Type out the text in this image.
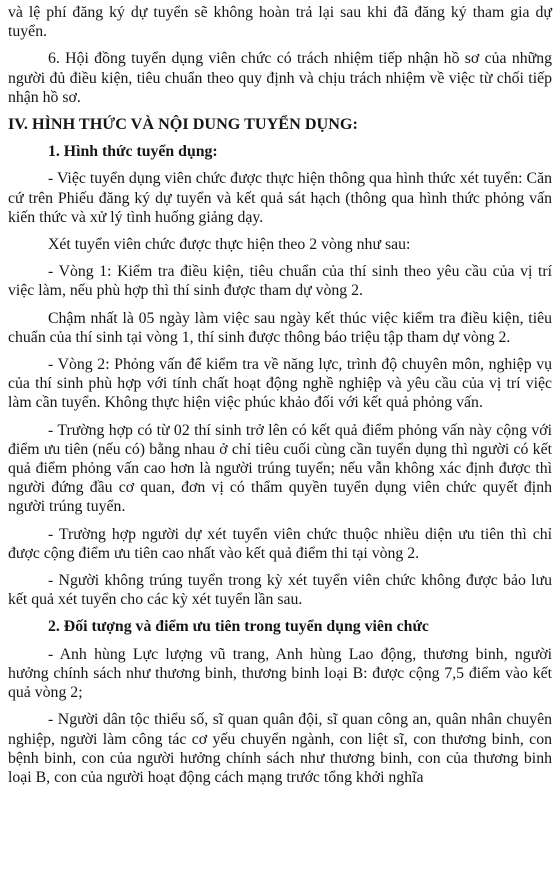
và lệ phí đăng ký dự tuyển sẽ không hoàn trả lại sau khi đã đăng ký tham gia dự tuyển.

6. Hội đồng tuyển dụng viên chức có trách nhiệm tiếp nhận hồ sơ của những người đủ điều kiện, tiêu chuẩn theo quy định và chịu trách nhiệm về việc từ chối tiếp nhận hồ sơ.

IV. HÌNH THỨC VÀ NỘI DUNG TUYỂN DỤNG:

1. Hình thức tuyển dụng:

- Việc tuyển dụng viên chức được thực hiện thông qua hình thức xét tuyển: Căn cứ trên Phiếu đăng ký dự tuyển và kết quả sát hạch (thông qua hình thức phỏng vấn kiến thức và xử lý tình huống giảng dạy.

Xét tuyển viên chức được thực hiện theo 2 vòng như sau:

- Vòng 1: Kiểm tra điều kiện, tiêu chuẩn của thí sinh theo yêu cầu của vị trí việc làm, nếu phù hợp thì thí sinh được tham dự vòng 2.

Chậm nhất là 05 ngày làm việc sau ngày kết thúc việc kiểm tra điều kiện, tiêu chuẩn của thí sinh tại vòng 1, thí sinh được thông báo triệu tập tham dự vòng 2.

- Vòng 2: Phỏng vấn để kiểm tra về năng lực, trình độ chuyên môn, nghiệp vụ của thí sinh phù hợp với tính chất hoạt động nghề nghiệp và yêu cầu của vị trí việc làm cần tuyển. Không thực hiện việc phúc khảo đối với kết quả phỏng vấn.

- Trường hợp có từ 02 thí sinh trở lên có kết quả điểm phỏng vấn này cộng với điểm ưu tiên (nếu có) bằng nhau ở chỉ tiêu cuối cùng cần tuyển dụng thì người có kết quả điểm phỏng vấn cao hơn là người trúng tuyển; nếu vẫn không xác định được thì người đứng đầu cơ quan, đơn vị có thẩm quyền tuyển dụng viên chức quyết định người trúng tuyển.

- Trường hợp người dự xét tuyển viên chức thuộc nhiều diện ưu tiên thì chỉ được cộng điểm ưu tiên cao nhất vào kết quả điểm thi tại vòng 2.

- Người không trúng tuyển trong kỳ xét tuyển viên chức không được bảo lưu kết quả xét tuyển cho các kỳ xét tuyển lần sau.

2. Đối tượng và điểm ưu tiên trong tuyển dụng viên chức

- Anh hùng Lực lượng vũ trang, Anh hùng Lao động, thương binh, người hưởng chính sách như thương binh, thương binh loại B: được cộng 7,5 điểm vào kết quả vòng 2;

- Người dân tộc thiểu số, sĩ quan quân đội, sĩ quan công an, quân nhân chuyên nghiệp, người làm công tác cơ yếu chuyển ngành, con liệt sĩ, con thương binh, con bệnh binh, con của người hưởng chính sách như thương binh, con của thương binh loại B, con của người hoạt động cách mạng trước tổng khởi nghĩa
